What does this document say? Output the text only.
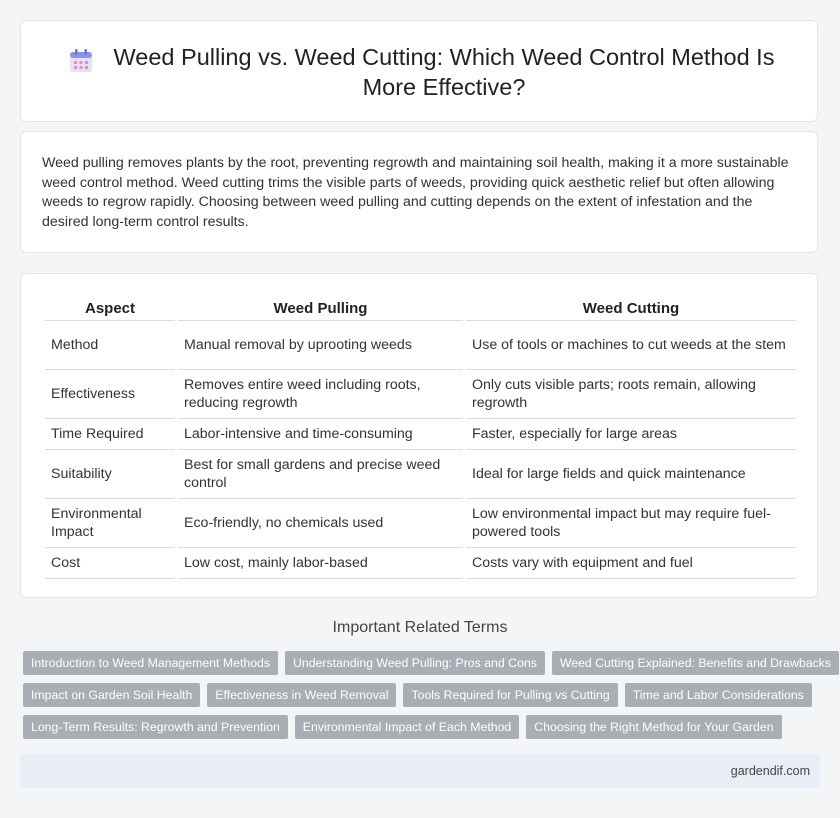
Weed Pulling vs. Weed Cutting: Which Weed Control Method Is More Effective?

Weed pulling removes plants by the root, preventing regrowth and maintaining soil health, making it a more sustainable weed control method. Weed cutting trims the visible parts of weeds, providing quick aesthetic relief but often allowing weeds to regrow rapidly. Choosing between weed pulling and cutting depends on the extent of infestation and the desired long-term control results.

Aspect	Weed Pulling	Weed Cutting
Method	Manual removal by uprooting weeds	Use of tools or machines to cut weeds at the stem
Effectiveness	Removes entire weed including roots, reducing regrowth	Only cuts visible parts; roots remain, allowing regrowth
Time Required	Labor-intensive and time-consuming	Faster, especially for large areas
Suitability	Best for small gardens and precise weed control	Ideal for large fields and quick maintenance
Environmental Impact	Eco-friendly, no chemicals used	Low environmental impact but may require fuel-powered tools
Cost	Low cost, mainly labor-based	Costs vary with equipment and fuel
Important Related Terms
Introduction to Weed Management Methods	Understanding Weed Pulling: Pros and Cons	Weed Cutting Explained: Benefits and Drawbacks
Impact on Garden Soil Health	Effectiveness in Weed Removal	Tools Required for Pulling vs Cutting	Time and Labor Considerations
Long-Term Results: Regrowth and Prevention	Environmental Impact of Each Method	Choosing the Right Method for Your Garden
gardendif.com
